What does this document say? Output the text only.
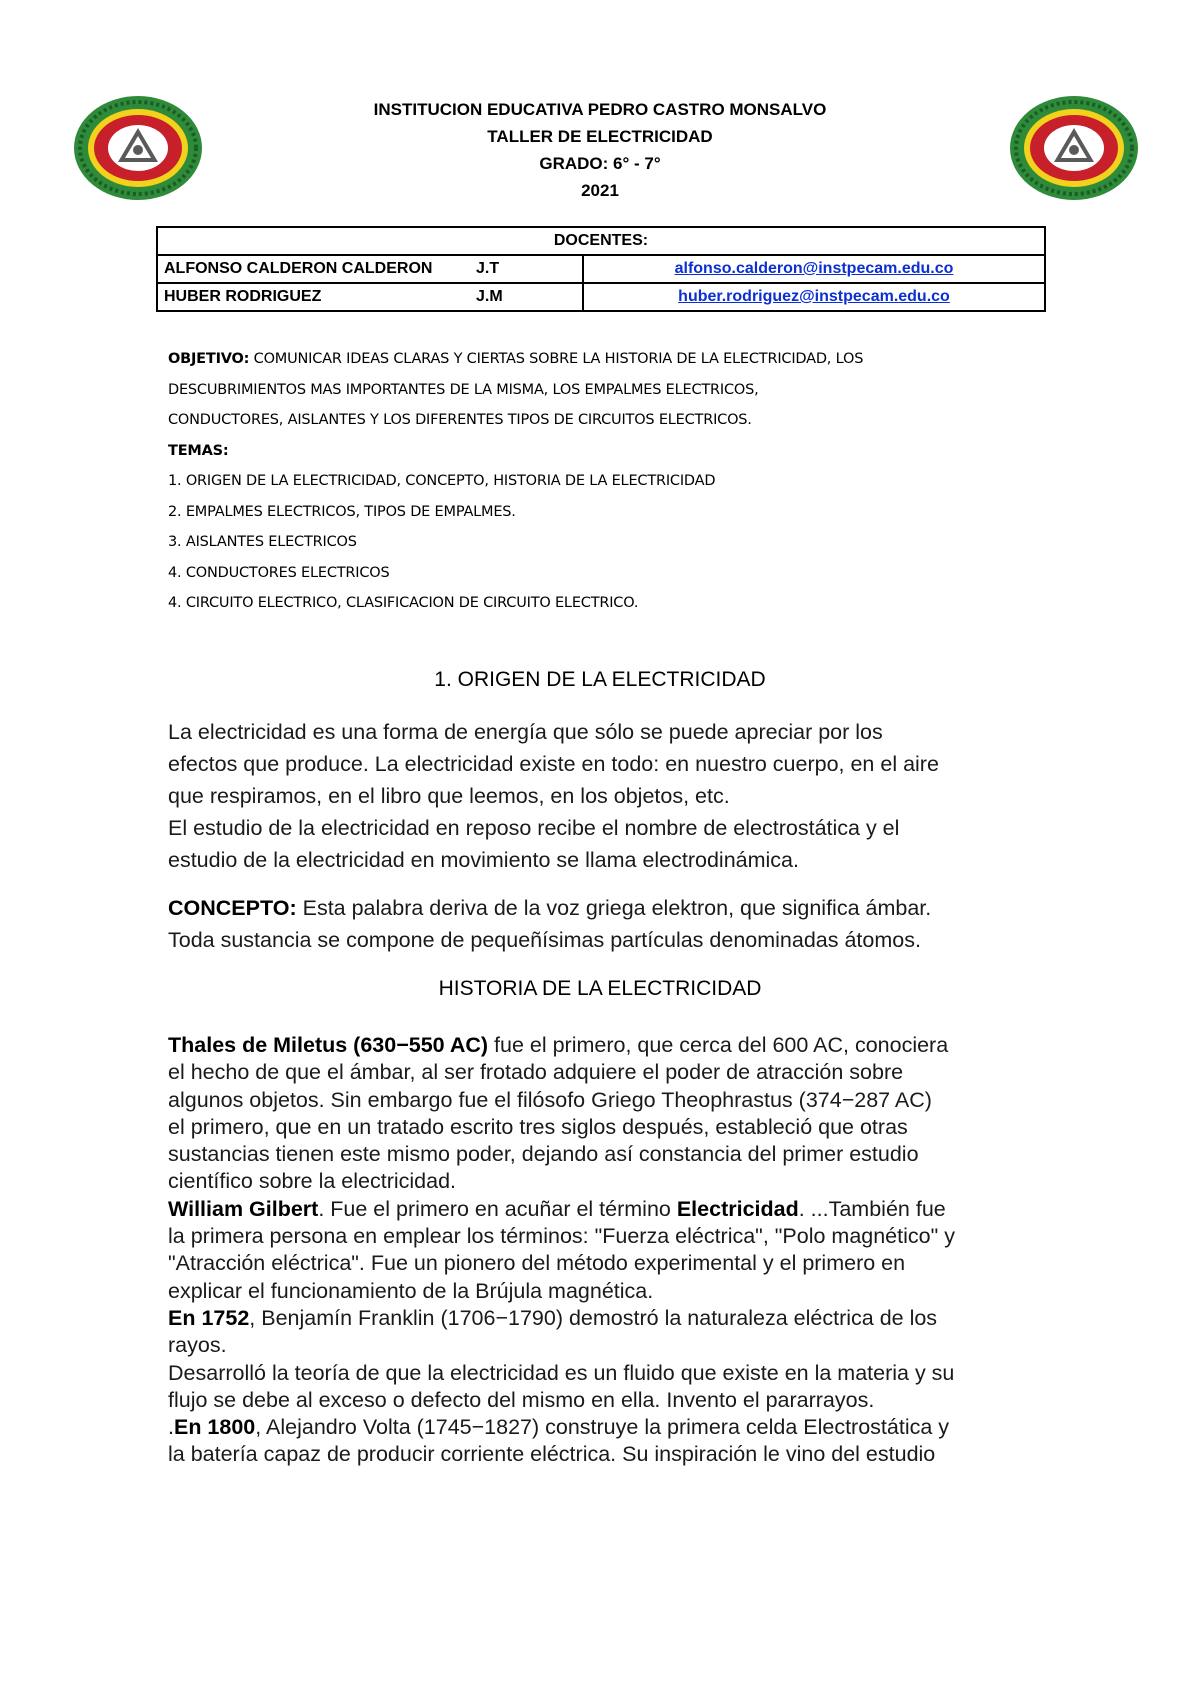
INSTITUCION EDUCATIVA PEDRO CASTRO MONSALVO
TALLER DE ELECTRICIDAD
GRADO: 6° - 7°
2021
DOCENTES:		
ALFONSO CALDERON CALDERON	J.T	alfonso.calderon@instpecam.edu.co
HUBER RODRIGUEZ	J.M	huber.rodriguez@instpecam.edu.co
OBJETIVO: COMUNICAR IDEAS CLARAS Y CIERTAS SOBRE LA HISTORIA DE LA ELECTRICIDAD, LOS
DESCUBRIMIENTOS MAS IMPORTANTES DE LA MISMA, LOS EMPALMES ELECTRICOS,
CONDUCTORES, AISLANTES Y LOS DIFERENTES TIPOS DE CIRCUITOS ELECTRICOS.
TEMAS:
1. ORIGEN DE LA ELECTRICIDAD, CONCEPTO, HISTORIA DE LA ELECTRICIDAD
2. EMPALMES ELECTRICOS, TIPOS DE EMPALMES.
3. AISLANTES ELECTRICOS
4. CONDUCTORES ELECTRICOS
4. CIRCUITO ELECTRICO, CLASIFICACION DE CIRCUITO ELECTRICO.
1. ORIGEN DE LA ELECTRICIDAD
La electricidad es una forma de energía que sólo se puede apreciar por los
efectos que produce. La electricidad existe en todo: en nuestro cuerpo, en el aire
que respiramos, en el libro que leemos, en los objetos, etc.
El estudio de la electricidad en reposo recibe el nombre de electrostática y el
estudio de la electricidad en movimiento se llama electrodinámica.
CONCEPTO: Esta palabra deriva de la voz griega elektron, que significa ámbar.
Toda sustancia se compone de pequeñísimas partículas denominadas átomos.
HISTORIA DE LA ELECTRICIDAD
Thales de Miletus (630−550 AC) fue el primero, que cerca del 600 AC, conociera
el hecho de que el ámbar, al ser frotado adquiere el poder de atracción sobre
algunos objetos. Sin embargo fue el filósofo Griego Theophrastus (374−287 AC)
el primero, que en un tratado escrito tres siglos después, estableció que otras
sustancias tienen este mismo poder, dejando así constancia del primer estudio
científico sobre la electricidad.
William Gilbert. Fue el primero en acuñar el término Electricidad. ...También fue
la primera persona en emplear los términos: "Fuerza eléctrica", "Polo magnético" y
"Atracción eléctrica". Fue un pionero del método experimental y el primero en
explicar el funcionamiento de la Brújula magnética.
En 1752, Benjamín Franklin (1706−1790) demostró la naturaleza eléctrica de los
rayos.
Desarrolló la teoría de que la electricidad es un fluido que existe en la materia y su
flujo se debe al exceso o defecto del mismo en ella. Invento el pararrayos.
.En 1800, Alejandro Volta (1745−1827) construye la primera celda Electrostática y
la batería capaz de producir corriente eléctrica. Su inspiración le vino del estudio
